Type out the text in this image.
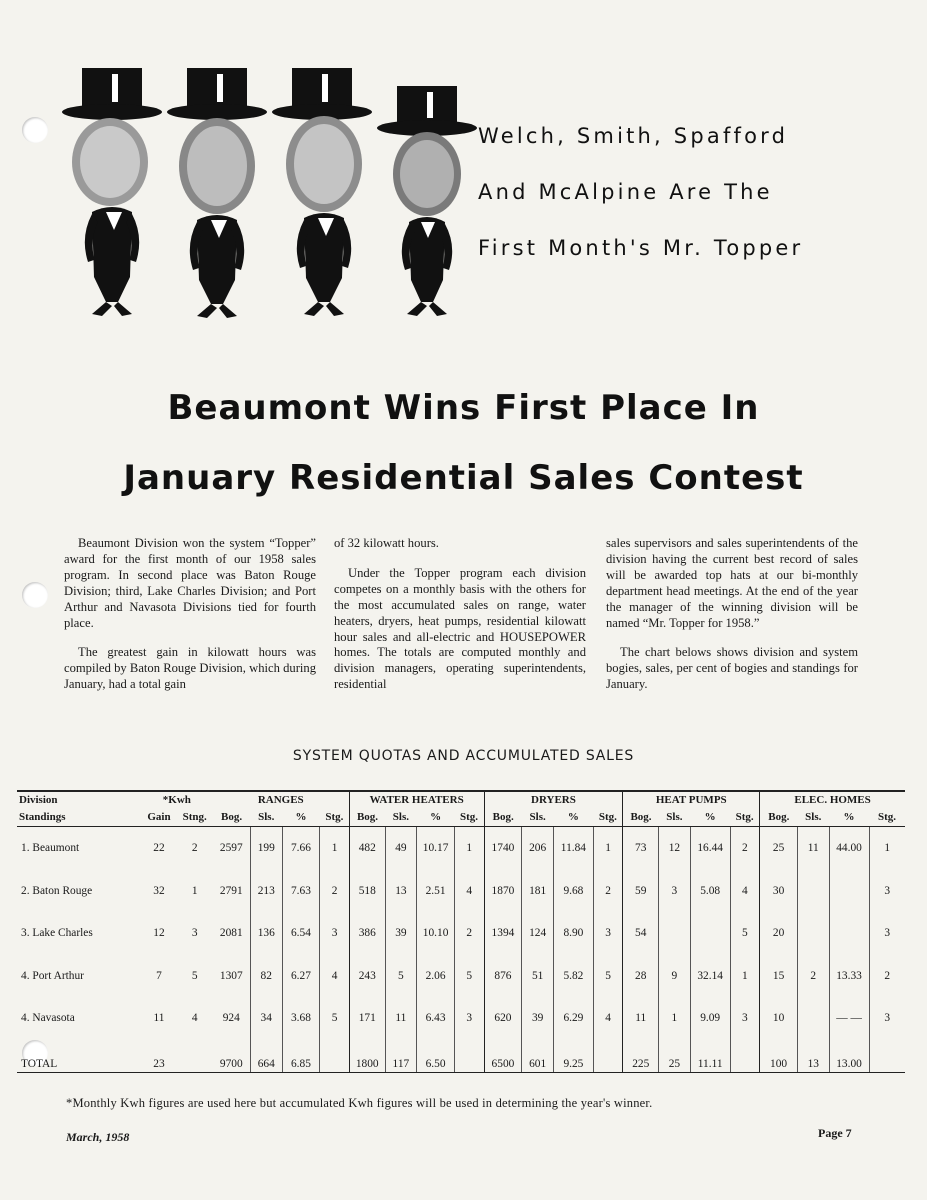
Welch, Smith, Spafford
And McAlpine Are The
First Month's Mr. Topper
Beaumont Wins First Place In
January Residential Sales Contest

Beaumont Division won the system “Topper” award for the first month of our 1958 sales program. In second place was Baton Rouge Division; third, Lake Charles Division; and Port Arthur and Navasota Divisions tied for fourth place.

The greatest gain in kilowatt hours was compiled by Baton Rouge Division, which during January, had a total gain

of 32 kilowatt hours.

Under the Topper program each division competes on a monthly basis with the others for the most accumulated sales on range, water heaters, dryers, heat pumps, residential kilowatt hour sales and all-electric and HOUSEPOWER homes. The totals are computed monthly and division managers, operating superintendents, residential

sales supervisors and sales superintendents of the division having the current best record of sales will be awarded top hats at our bi-monthly department head meetings. At the end of the year the manager of the winning division will be named “Mr. Topper for 1958.”

The chart belows shows division and system bogies, sales, per cent of bogies and standings for January.

SYSTEM QUOTAS AND ACCUMULATED SALES
Division	*Kwh		RANGES				WATER HEATERS				DRYERS				HEAT PUMPS				ELEC. HOMES			
Standings	Gain	Stng.	Bog.	Sls.	%	Stg.	Bog.	Sls.	%	Stg.	Bog.	Sls.	%	Stg.	Bog.	Sls.	%	Stg.	Bog.	Sls.	%	Stg.
1. Beaumont	22	2	2597	199	7.66	1	482	49	10.17	1	1740	206	11.84	1	73	12	16.44	2	25	11	44.00	1
2. Baton Rouge	32	1	2791	213	7.63	2	518	13	2.51	4	1870	181	9.68	2	59	3	5.08	4	30			3
3. Lake Charles	12	3	2081	136	6.54	3	386	39	10.10	2	1394	124	8.90	3	54			5	20			3
4. Port Arthur	7	5	1307	82	6.27	4	243	5	2.06	5	876	51	5.82	5	28	9	32.14	1	15	2	13.33	2
4. Navasota	11	4	924	34	3.68	5	171	11	6.43	3	620	39	6.29	4	11	1	9.09	3	10		— —	3
TOTAL	23		9700	664	6.85		1800	117	6.50		6500	601	9.25		225	25	11.11		100	13	13.00	
*Monthly Kwh figures are used here but accumulated Kwh figures will be used in determining the year's winner.
March, 1958	Page 7
